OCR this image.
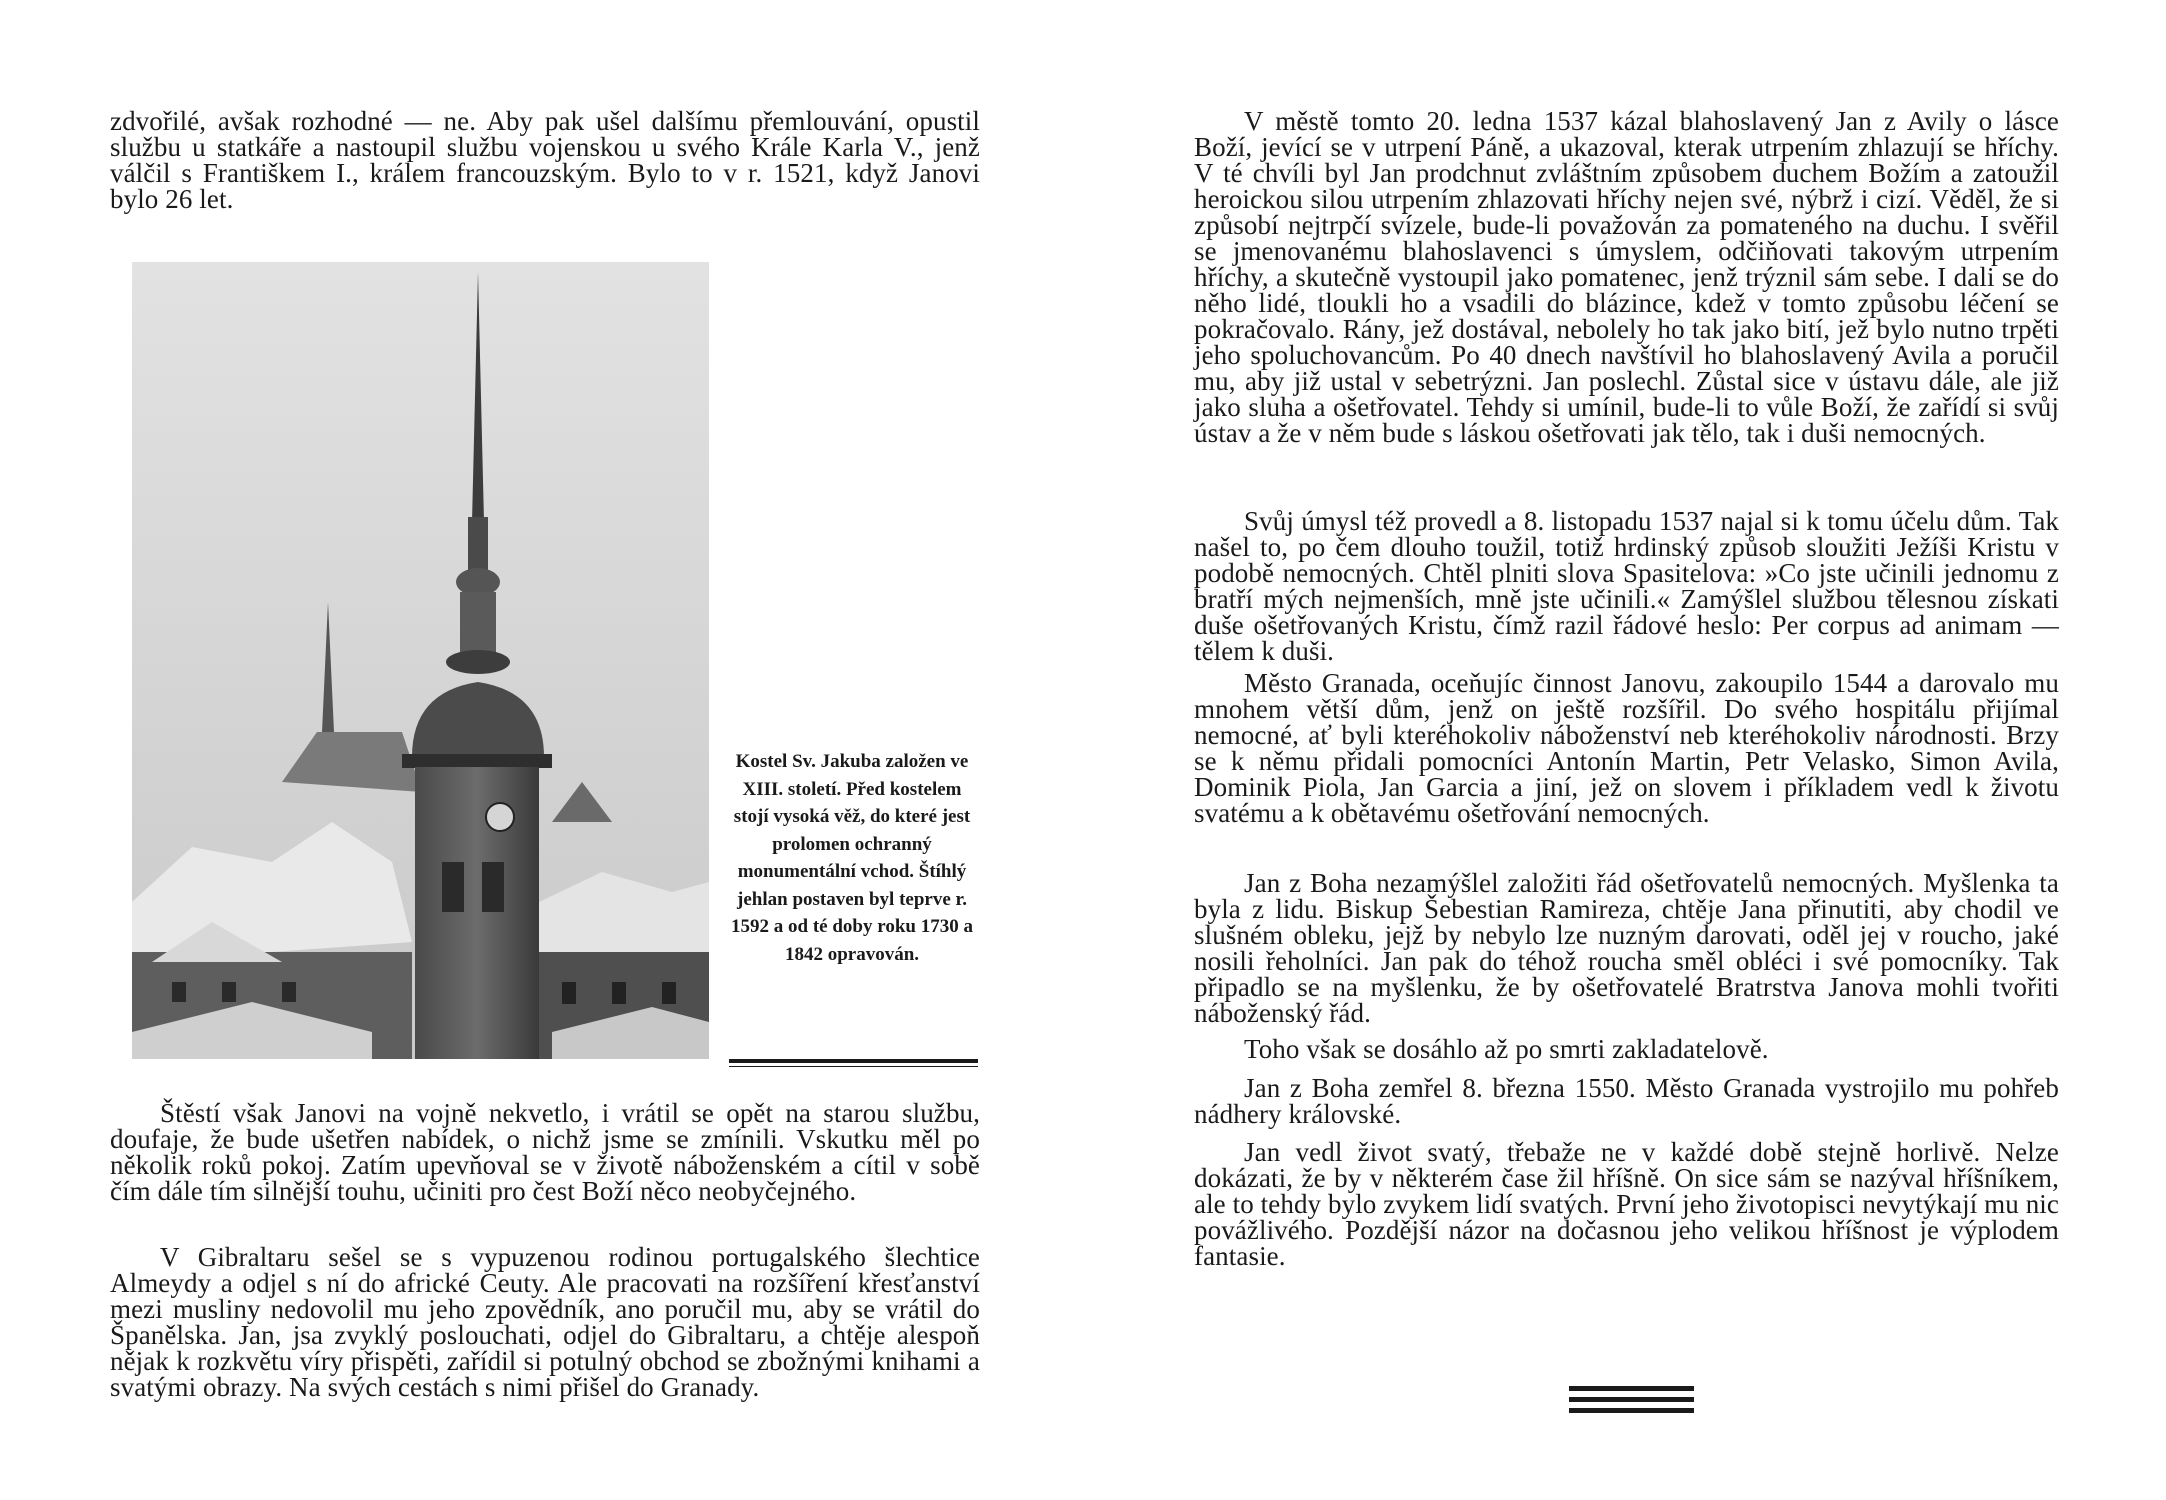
zdvořilé, avšak rozhodné — ne. Aby pak ušel dalšímu přemlouvání, opustil službu u statkáře a nastoupil službu vojenskou u svého Krále Karla V., jenž válčil s Františkem I., králem francouzským. Bylo to v r. 1521, když Janovi bylo 26 let.

Kostel Sv. Jakuba založen ve XIII. století. Před kostelem stojí vysoká věž, do které jest prolomen ochranný monumentální vchod. Štíhlý jehlan postaven byl teprve r. 1592 a od té doby roku 1730 a 1842 opravován.

Štěstí však Janovi na vojně nekvetlo, i vrátil se opět na starou službu, doufaje, že bude ušetřen nabídek, o nichž jsme se zmínili. Vskutku měl po několik roků pokoj. Zatím upevňoval se v životě náboženském a cítil v sobě čím dále tím silnější touhu, učiniti pro čest Boží něco neobyčejného.

V Gibraltaru sešel se s vypuzenou rodinou portugalského šlechtice Almeydy a odjel s ní do africké Ceuty. Ale pracovati na rozšíření křesťanství mezi musliny nedovolil mu jeho zpovědník, ano poručil mu, aby se vrátil do Španělska. Jan, jsa zvyklý poslouchati, odjel do Gibraltaru, a chtěje alespoň nějak k rozkvětu víry přispěti, zařídil si potulný obchod se zbožnými knihami a svatými obrazy. Na svých cestách s nimi přišel do Granady.

V městě tomto 20. ledna 1537 kázal blahoslavený Jan z Avily o lásce Boží, jevící se v utrpení Páně, a ukazoval, kterak utrpením zhlazují se hříchy. V té chvíli byl Jan prodchnut zvláštním způsobem duchem Božím a zatoužil heroickou silou utrpením zhlazovati hříchy nejen své, nýbrž i cizí. Věděl, že si způsobí nejtrpčí svízele, bude-li považován za pomateného na duchu. I svěřil se jmenovanému blahoslavenci s úmyslem, odčiňovati takovým utrpením hříchy, a skutečně vystoupil jako pomatenec, jenž trýznil sám sebe. I dali se do něho lidé, tloukli ho a vsadili do blázince, kdež v tomto způsobu léčení se pokračovalo. Rány, jež dostával, nebolely ho tak jako bití, jež bylo nutno trpěti jeho spoluchovancům. Po 40 dnech navštívil ho blahoslavený Avila a poručil mu, aby již ustal v sebetrýzni. Jan poslechl. Zůstal sice v ústavu dále, ale již jako sluha a ošetřovatel. Tehdy si umínil, bude-li to vůle Boží, že zařídí si svůj ústav a že v něm bude s láskou ošetřovati jak tělo, tak i duši nemocných.

Svůj úmysl též provedl a 8. listopadu 1537 najal si k tomu účelu dům. Tak našel to, po čem dlouho toužil, totiž hrdinský způsob sloužiti Ježíši Kristu v podobě nemocných. Chtěl plniti slova Spasitelova: »Co jste učinili jednomu z bratří mých nejmenších, mně jste učinili.« Zamýšlel službou tělesnou získati duše ošetřovaných Kristu, čímž razil řádové heslo: Per corpus ad animam — tělem k duši.

Město Granada, oceňujíc činnost Janovu, zakoupilo 1544 a darovalo mu mnohem větší dům, jenž on ještě rozšířil. Do svého hospitálu přijímal nemocné, ať byli kteréhokoliv náboženství neb kteréhokoliv národnosti. Brzy se k němu přidali pomocníci Antonín Martin, Petr Velasko, Simon Avila, Dominik Piola, Jan Garcia a jiní, jež on slovem i příkladem vedl k životu svatému a k obětavému ošetřování nemocných.

Jan z Boha nezamýšlel založiti řád ošetřovatelů nemocných. Myšlenka ta byla z lidu. Biskup Šebestian Ramireza, chtěje Jana přinutiti, aby chodil ve slušném obleku, jejž by nebylo lze nuzným darovati, oděl jej v roucho, jaké nosili řeholníci. Jan pak do téhož roucha směl obléci i své pomocníky. Tak připadlo se na myšlenku, že by ošetřovatelé Bratrstva Janova mohli tvořiti náboženský řád.

Toho však se dosáhlo až po smrti zakladatelově.

Jan z Boha zemřel 8. března 1550. Město Granada vystrojilo mu pohřeb nádhery královské.

Jan vedl život svatý, třebaže ne v každé době stejně horlivě. Nelze dokázati, že by v některém čase žil hříšně. On sice sám se nazýval hříšníkem, ale to tehdy bylo zvykem lidí svatých. První jeho životopisci nevytýkají mu nic povážlivého. Pozdější názor na dočasnou jeho velikou hříšnost je výplodem fantasie.
